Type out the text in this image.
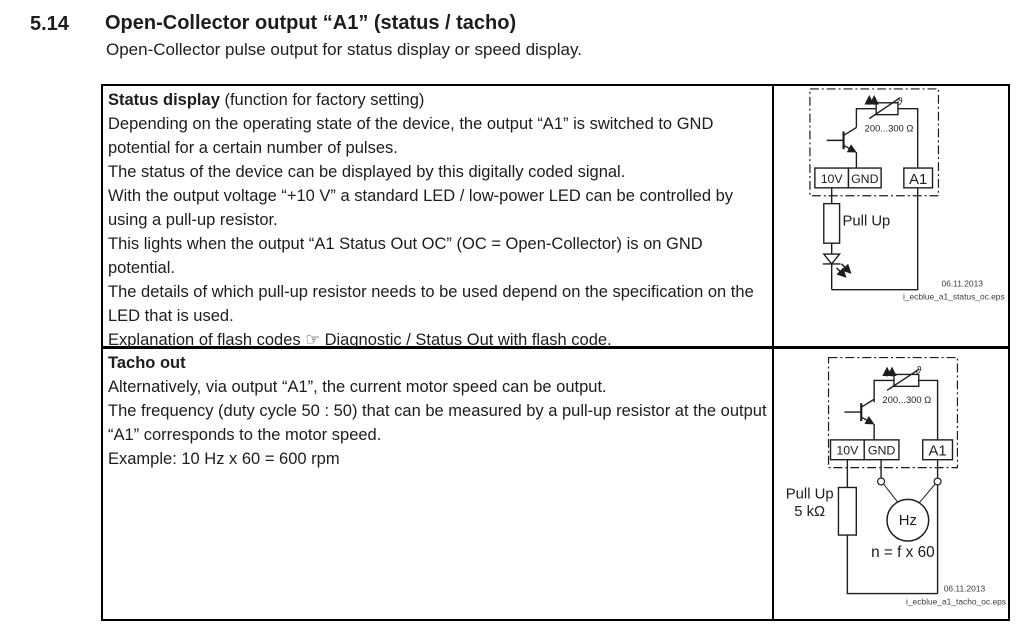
5.14 Open-Collector output “A1” (status / tacho)
Open-Collector pulse output for status display or speed display.

Status display (function for factory setting)

Depending on the operating state of the device, the output “A1” is switched to GND potential for a certain number of pulses.

The status of the device can be displayed by this digitally coded signal.

With the output voltage “+10 V” a standard LED / low-power LED can be controlled by using a pull-up resistor.

This lights when the output “A1 Status Out OC” (OC = Open-Collector) is on GND potential.

The details of which pull-up resistor needs to be used depend on the specification on the LED that is used.

Explanation of flash codes ☞ Diagnostic / Status Out with flash code.

ϑ
200...300 Ω
10V GND A1
Pull Up
06.11.2013
i_ecblue_a1_status_oc.eps

Tacho out

Alternatively, via output “A1”, the current motor speed can be output.

The frequency (duty cycle 50 : 50) that can be measured by a pull-up resistor at the output “A1” corresponds to the motor speed.

Example: 10 Hz x 60 = 600 rpm

ϑ
200...300 Ω
10V GND A1
Pull Up
5 kΩ
Hz
n = f x 60
06.11.2013
i_ecblue_a1_tacho_oc.eps
